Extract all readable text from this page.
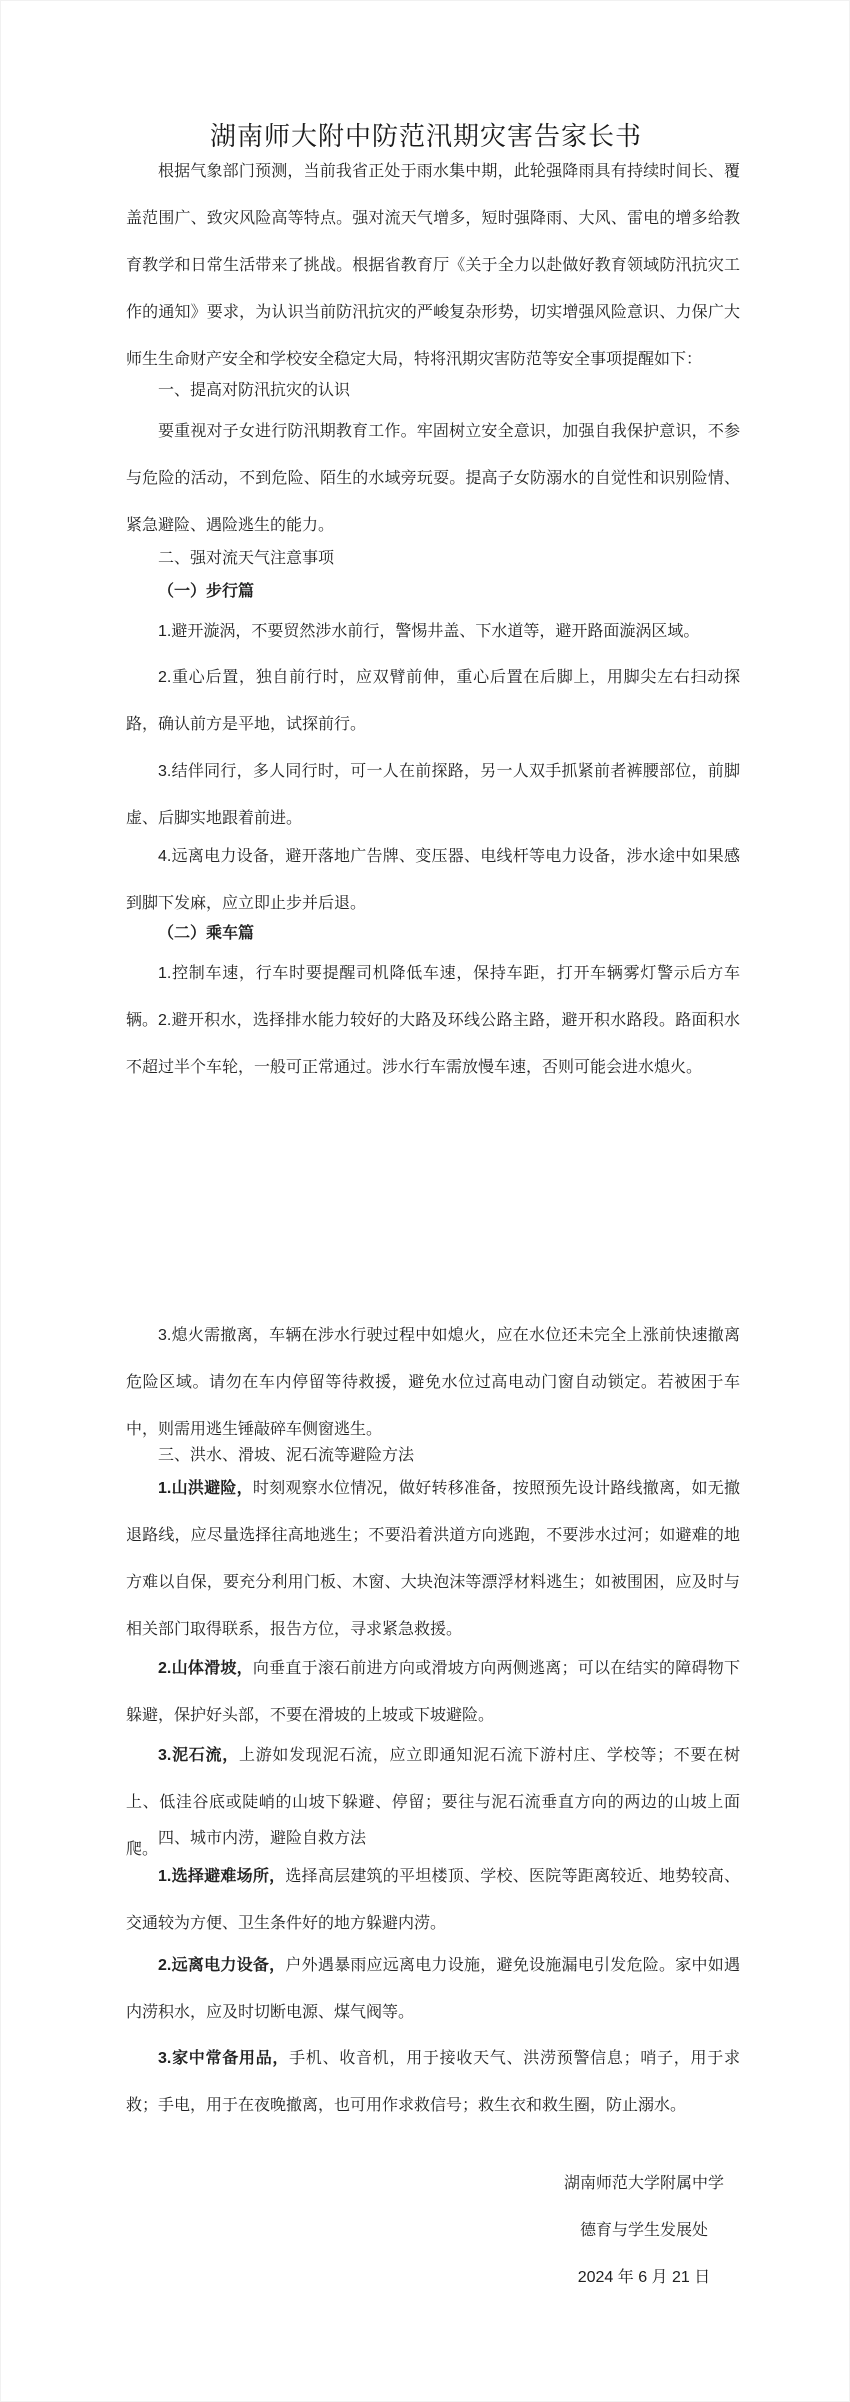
湖南师大附中防范汛期灾害告家长书

根据气象部门预测，当前我省正处于雨水集中期，此轮强降雨具有持续时间长、覆盖范围广、致灾风险高等特点。强对流天气增多，短时强降雨、大风、雷电的增多给教育教学和日常生活带来了挑战。根据省教育厅《关于全力以赴做好教育领域防汛抗灾工作的通知》要求，为认识当前防汛抗灾的严峻复杂形势，切实增强风险意识、力保广大师生生命财产安全和学校安全稳定大局，特将汛期灾害防范等安全事项提醒如下：

一、提高对防汛抗灾的认识

要重视对子女进行防汛期教育工作。牢固树立安全意识，加强自我保护意识，不参与危险的活动，不到危险、陌生的水域旁玩耍。提高子女防溺水的自觉性和识别险情、紧急避险、遇险逃生的能力。

二、强对流天气注意事项

（一）步行篇

1.避开漩涡，不要贸然涉水前行，警惕井盖、下水道等，避开路面漩涡区域。

2.重心后置，独自前行时，应双臂前伸，重心后置在后脚上，用脚尖左右扫动探路，确认前方是平地，试探前行。

3.结伴同行，多人同行时，可一人在前探路，另一人双手抓紧前者裤腰部位，前脚虚、后脚实地跟着前进。

4.远离电力设备，避开落地广告牌、变压器、电线杆等电力设备，涉水途中如果感到脚下发麻，应立即止步并后退。

（二）乘车篇

1.控制车速，行车时要提醒司机降低车速，保持车距，打开车辆雾灯警示后方车辆。 2.避开积水，选择排水能力较好的大路及环线公路主路，避开积水路段。路面积水不超过半个车轮，一般可正常通过。涉水行车需放慢车速，否则可能会进水熄火。

3.熄火需撤离，车辆在涉水行驶过程中如熄火，应在水位还未完全上涨前快速撤离危险区域。请勿在车内停留等待救援，避免水位过高电动门窗自动锁定。若被困于车中，则需用逃生锤敲碎车侧窗逃生。

三、洪水、滑坡、泥石流等避险方法

1.山洪避险，时刻观察水位情况，做好转移准备，按照预先设计路线撤离，如无撤退路线，应尽量选择往高地逃生；不要沿着洪道方向逃跑，不要涉水过河；如避难的地方难以自保，要充分利用门板、木窗、大块泡沫等漂浮材料逃生；如被围困，应及时与相关部门取得联系，报告方位，寻求紧急救援。

2.山体滑坡，向垂直于滚石前进方向或滑坡方向两侧逃离；可以在结实的障碍物下躲避，保护好头部，不要在滑坡的上坡或下坡避险。

3.泥石流，上游如发现泥石流，应立即通知泥石流下游村庄、学校等；不要在树上、低洼谷底或陡峭的山坡下躲避、停留；要往与泥石流垂直方向的两边的山坡上面爬。

四、城市内涝，避险自救方法

1.选择避难场所，选择高层建筑的平坦楼顶、学校、医院等距离较近、地势较高、交通较为方便、卫生条件好的地方躲避内涝。

2.远离电力设备，户外遇暴雨应远离电力设施，避免设施漏电引发危险。家中如遇内涝积水，应及时切断电源、煤气阀等。

3.家中常备用品，手机、收音机，用于接收天气、洪涝预警信息；哨子，用于求救；手电，用于在夜晚撤离，也可用作求救信号；救生衣和救生圈，防止溺水。

湖南师范大学附属中学
德育与学生发展处
2024 年 6 月 21 日
